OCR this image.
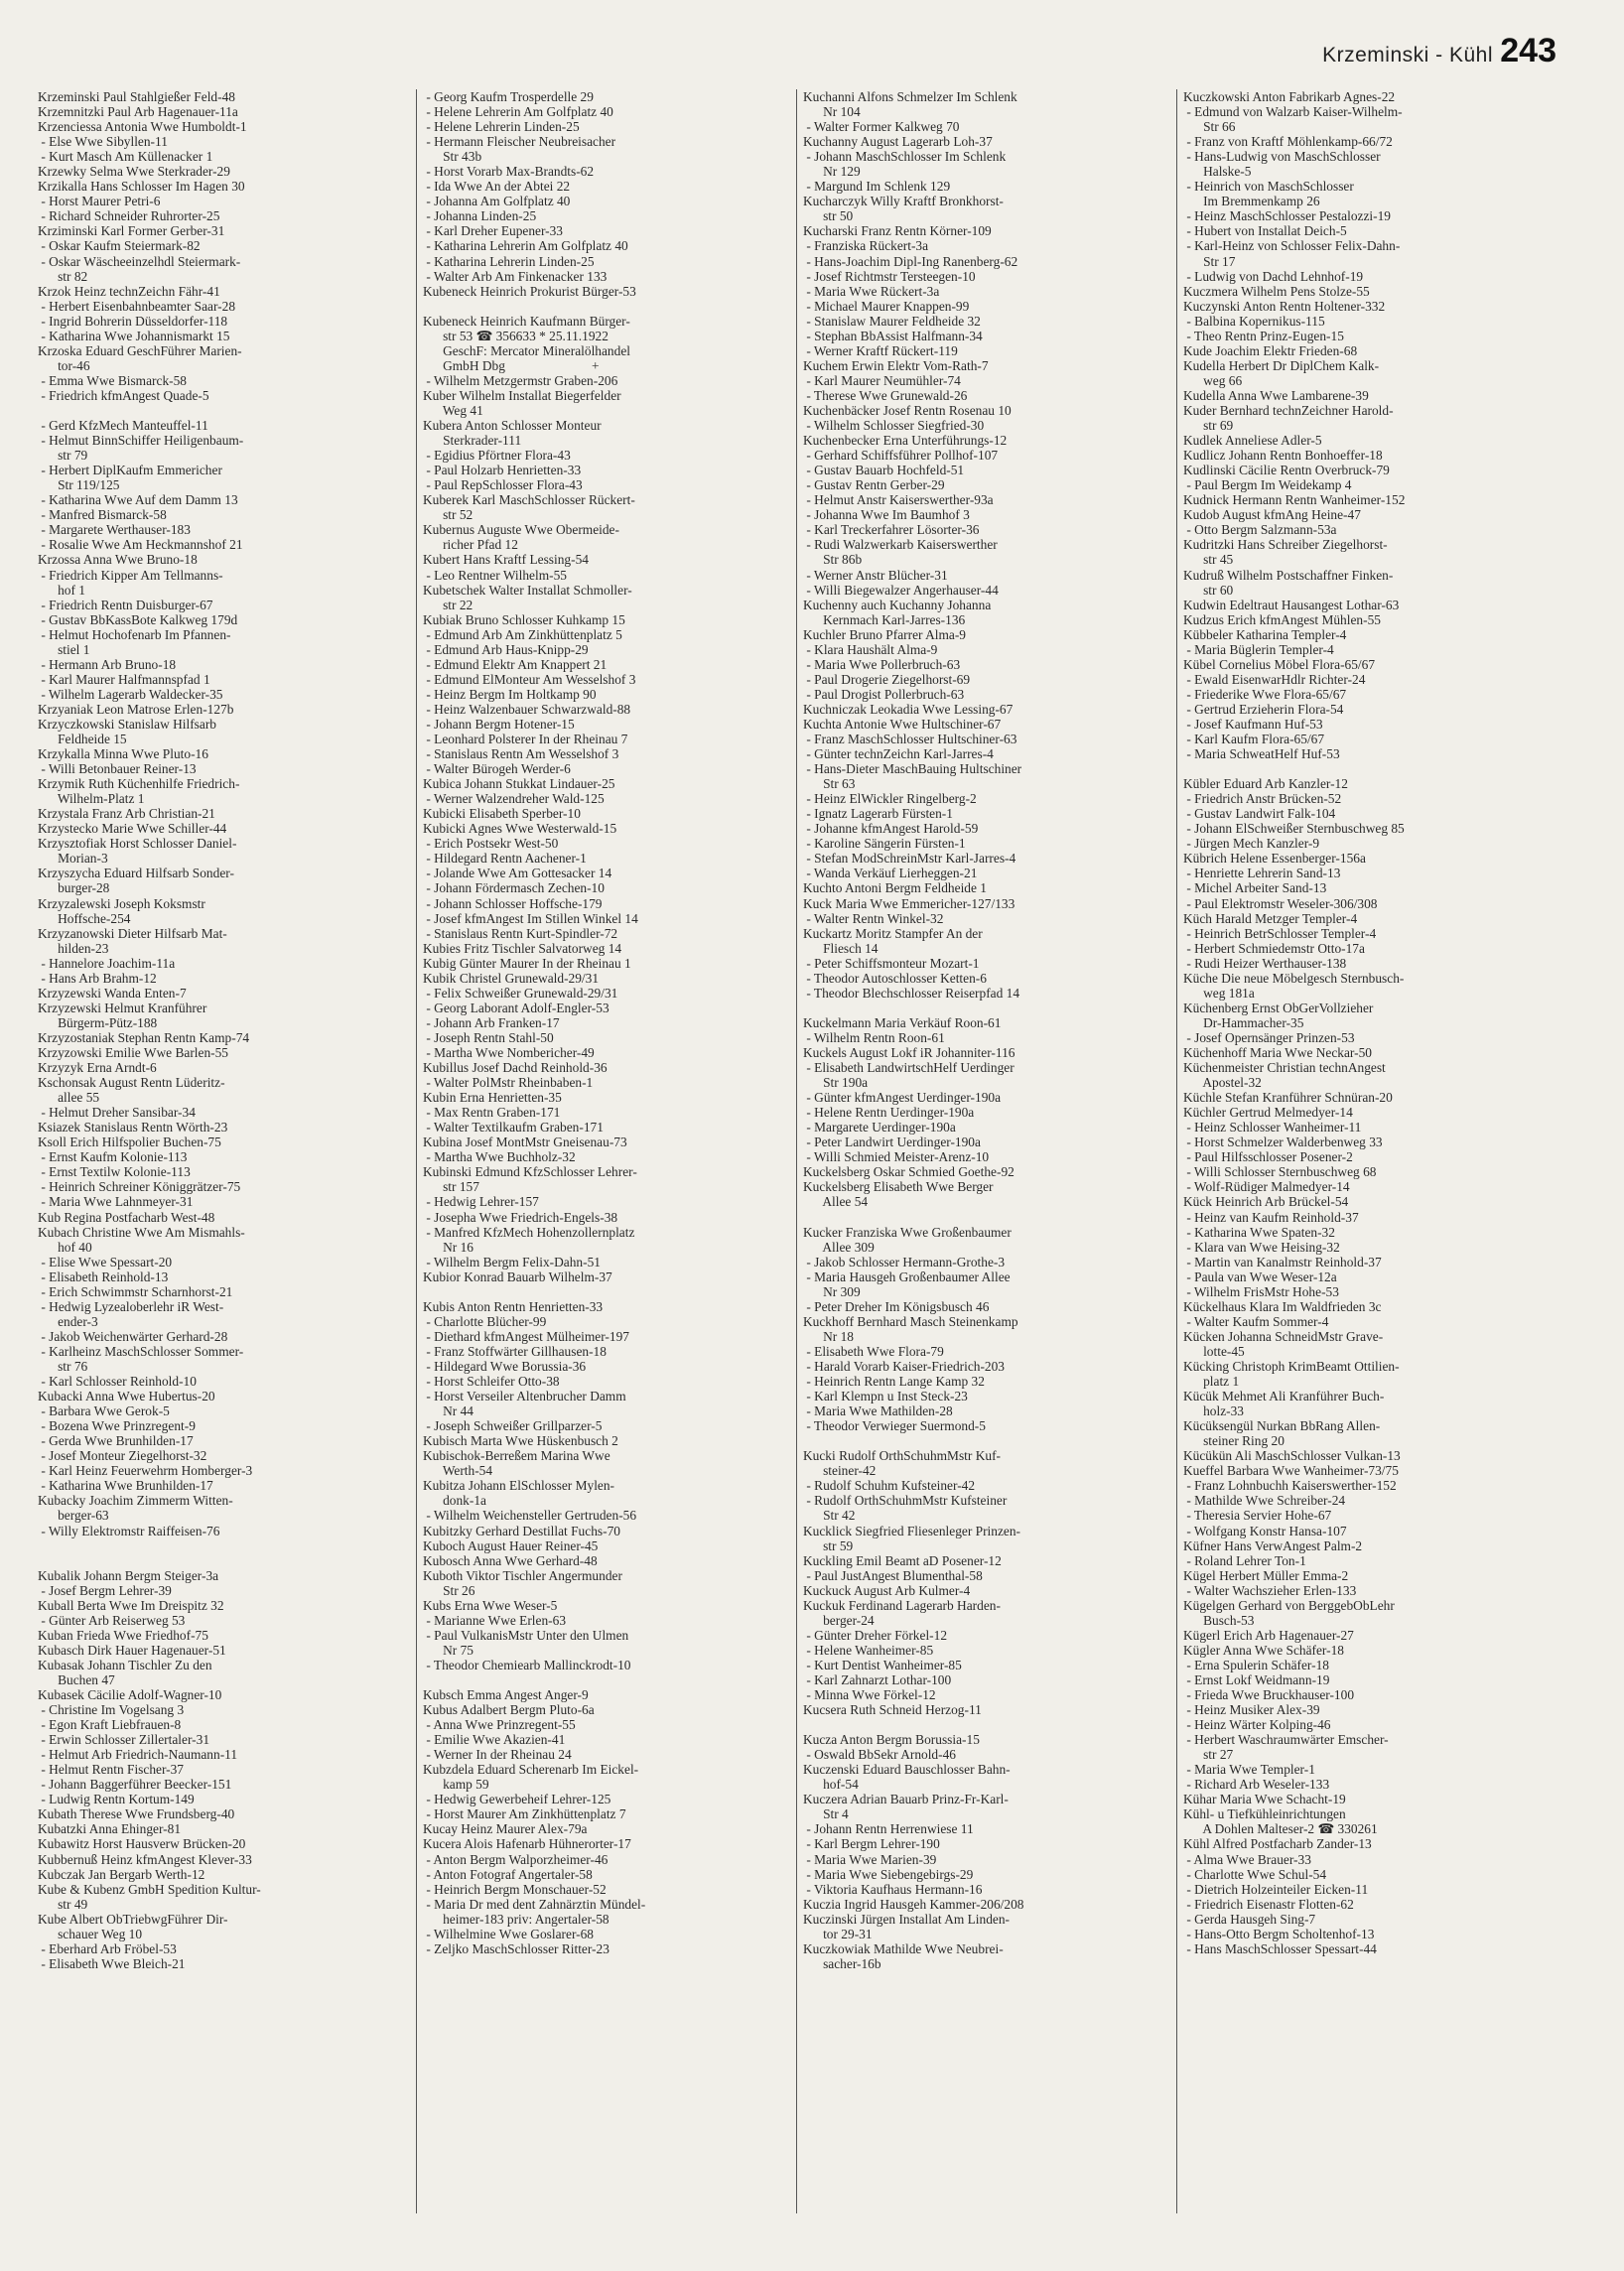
Krzeminski - Kühl 243
Krzeminski Paul Stahlgießer Feld-48
Krzemnitzki Paul Arb Hagenauer-11a
Krzenciessa Antonia Wwe Humboldt-1
- Else Wwe Sibyllen-11
- Kurt Masch Am Küllenacker 1
Krzewky Selma Wwe Sterkrader-29
Krzikalla Hans Schlosser Im Hagen 30
- Horst Maurer Petri-6
- Richard Schneider Ruhrorter-25
Krziminski Karl Former Gerber-31
- Oskar Kaufm Steiermark-82
- Oskar Wäscheeinzelhdl Steiermark-
str 82
Krzok Heinz technZeichn Fähr-41
- Herbert Eisenbahnbeamter Saar-28
- Ingrid Bohrerin Düsseldorfer-118
- Katharina Wwe Johannismarkt 15
Krzoska Eduard GeschFührer Marien-
tor-46
- Emma Wwe Bismarck-58
- Friedrich kfmAngest Quade-5

- Gerd KfzMech Manteuffel-11
- Helmut BinnSchiffer Heiligenbaum-
str 79
- Herbert DiplKaufm Emmericher
Str 119/125
- Katharina Wwe Auf dem Damm 13
- Manfred Bismarck-58
- Margarete Werthauser-183
- Rosalie Wwe Am Heckmannshof 21
Krzossa Anna Wwe Bruno-18
- Friedrich Kipper Am Tellmanns-
hof 1
- Friedrich Rentn Duisburger-67
- Gustav BbKassBote Kalkweg 179d
- Helmut Hochofenarb Im Pfannen-
stiel 1
- Hermann Arb Bruno-18
- Karl Maurer Halfmannspfad 1
- Wilhelm Lagerarb Waldecker-35
Krzyaniak Leon Matrose Erlen-127b
Krzyczkowski Stanislaw Hilfsarb
Feldheide 15
Krzykalla Minna Wwe Pluto-16
- Willi Betonbauer Reiner-13
Krzymik Ruth Küchenhilfe Friedrich-
Wilhelm-Platz 1
Krzystala Franz Arb Christian-21
Krzystecko Marie Wwe Schiller-44
Krzysztofiak Horst Schlosser Daniel-
Morian-3
Krzyszycha Eduard Hilfsarb Sonder-
burger-28
Krzyzalewski Joseph Koksmstr
Hoffsche-254
Krzyzanowski Dieter Hilfsarb Mat-
hilden-23
- Hannelore Joachim-11a
- Hans Arb Brahm-12
Krzyzewski Wanda Enten-7
Krzyzewski Helmut Kranführer
Bürgerm-Pütz-188
Krzyzostaniak Stephan Rentn Kamp-74
Krzyzowski Emilie Wwe Barlen-55
Krzyzyk Erna Arndt-6
Kschonsak August Rentn Lüderitz-
allee 55
- Helmut Dreher Sansibar-34
Ksiazek Stanislaus Rentn Wörth-23
Ksoll Erich Hilfspolier Buchen-75
- Ernst Kaufm Kolonie-113
- Ernst Textilw Kolonie-113
- Heinrich Schreiner Königgrätzer-75
- Maria Wwe Lahnmeyer-31
Kub Regina Postfacharb West-48
Kubach Christine Wwe Am Mismahls-
hof 40
- Elise Wwe Spessart-20
- Elisabeth Reinhold-13
- Erich Schwimmstr Scharnhorst-21
- Hedwig Lyzealoberlehr iR West-
ender-3
- Jakob Weichenwärter Gerhard-28
- Karlheinz MaschSchlosser Sommer-
str 76
- Karl Schlosser Reinhold-10
Kubacki Anna Wwe Hubertus-20
- Barbara Wwe Gerok-5
- Bozena Wwe Prinzregent-9
- Gerda Wwe Brunhilden-17
- Josef Monteur Ziegelhorst-32
- Karl Heinz Feuerwehrm Homberger-3
- Katharina Wwe Brunhilden-17
Kubacky Joachim Zimmerm Witten-
berger-63
- Willy Elektromstr Raiffeisen-76

Kubalik Johann Bergm Steiger-3a
- Josef Bergm Lehrer-39
Kuball Berta Wwe Im Dreispitz 32
- Günter Arb Reiserweg 53
Kuban Frieda Wwe Friedhof-75
Kubasch Dirk Hauer Hagenauer-51
Kubasak Johann Tischler Zu den
Buchen 47
Kubasek Cäcilie Adolf-Wagner-10
- Christine Im Vogelsang 3
- Egon Kraft Liebfrauen-8
- Erwin Schlosser Zillertaler-31
- Helmut Arb Friedrich-Naumann-11
- Helmut Rentn Fischer-37
- Johann Baggerführer Beecker-151
- Ludwig Rentn Kortum-149
Kubath Therese Wwe Frundsberg-40
Kubatzki Anna Ehinger-81
Kubawitz Horst Hausverw Brücken-20
Kubbernuß Heinz kfmAngest Klever-33
Kubczak Jan Bergarb Werth-12
Kube & Kubenz GmbH Spedition Kultur-
str 49
Kube Albert ObTriebwgFührer Dir-
schauer Weg 10
- Eberhard Arb Fröbel-53
- Elisabeth Wwe Bleich-21
- Georg Kaufm Trosperdelle 29
- Helene Lehrerin Am Golfplatz 40
- Helene Lehrerin Linden-25
- Hermann Fleischer Neubreisacher
Str 43b
- Horst Vorarb Max-Brandts-62
- Ida Wwe An der Abtei 22
- Johanna Am Golfplatz 40
- Johanna Linden-25
- Karl Dreher Eupener-33
- Katharina Lehrerin Am Golfplatz 40
- Katharina Lehrerin Linden-25
- Walter Arb Am Finkenacker 133
Kubeneck Heinrich Prokurist Bürger-53

Kubeneck Heinrich Kaufmann Bürger-
str 53 ☎ 356633 * 25.11.1922
GeschF: Mercator Mineralölhandel
GmbH Dbg                          +
- Wilhelm Metzgermstr Graben-206
Kuber Wilhelm Installat Biegerfelder
Weg 41
Kubera Anton Schlosser Monteur
Sterkrader-111
- Egidius Pförtner Flora-43
- Paul Holzarb Henrietten-33
- Paul RepSchlosser Flora-43
Kuberek Karl MaschSchlosser Rückert-
str 52
Kubernus Auguste Wwe Obermeide-
richer Pfad 12
Kubert Hans Kraftf Lessing-54
- Leo Rentner Wilhelm-55
Kubetschek Walter Installat Schmoller-
str 22
Kubiak Bruno Schlosser Kuhkamp 15
- Edmund Arb Am Zinkhüttenplatz 5
- Edmund Arb Haus-Knipp-29
- Edmund Elektr Am Knappert 21
- Edmund ElMonteur Am Wesselshof 3
- Heinz Bergm Im Holtkamp 90
- Heinz Walzenbauer Schwarzwald-88
- Johann Bergm Hotener-15
- Leonhard Polsterer In der Rheinau 7
- Stanislaus Rentn Am Wesselshof 3
- Walter Bürogeh Werder-6
Kubica Johann Stukkat Lindauer-25
- Werner Walzendreher Wald-125
Kubicki Elisabeth Sperber-10
Kubicki Agnes Wwe Westerwald-15
- Erich Postsekr West-50
- Hildegard Rentn Aachener-1
- Jolande Wwe Am Gottesacker 14
- Johann Fördermasch Zechen-10
- Johann Schlosser Hoffsche-179
- Josef kfmAngest Im Stillen Winkel 14
- Stanislaus Rentn Kurt-Spindler-72
Kubies Fritz Tischler Salvatorweg 14
Kubig Günter Maurer In der Rheinau 1
Kubik Christel Grunewald-29/31
- Felix Schweißer Grunewald-29/31
- Georg Laborant Adolf-Engler-53
- Johann Arb Franken-17
- Joseph Rentn Stahl-50
- Martha Wwe Nombericher-49
Kubillus Josef Dachd Reinhold-36
- Walter PolMstr Rheinbaben-1
Kubin Erna Henrietten-35
- Max Rentn Graben-171
- Walter Textilkaufm Graben-171
Kubina Josef MontMstr Gneisenau-73
- Martha Wwe Buchholz-32
Kubinski Edmund KfzSchlosser Lehrer-
str 157
- Hedwig Lehrer-157
- Josepha Wwe Friedrich-Engels-38
- Manfred KfzMech Hohenzollernplatz
Nr 16
- Wilhelm Bergm Felix-Dahn-51
Kubior Konrad Bauarb Wilhelm-37

Kubis Anton Rentn Henrietten-33
- Charlotte Blücher-99
- Diethard kfmAngest Mülheimer-197
- Franz Stoffwärter Gillhausen-18
- Hildegard Wwe Borussia-36
- Horst Schleifer Otto-38
- Horst Verseiler Altenbrucher Damm
Nr 44
- Joseph Schweißer Grillparzer-5
Kubisch Marta Wwe Hüskenbusch 2
Kubischok-Berreßem Marina Wwe
Werth-54
Kubitza Johann ElSchlosser Mylen-
donk-1a
- Wilhelm Weichensteller Gertruden-56
Kubitzky Gerhard Destillat Fuchs-70
Kuboch August Hauer Reiner-45
Kubosch Anna Wwe Gerhard-48
Kuboth Viktor Tischler Angermunder
Str 26
Kubs Erna Wwe Weser-5
- Marianne Wwe Erlen-63
- Paul VulkanisMstr Unter den Ulmen
Nr 75
- Theodor Chemiearb Mallinckrodt-10

Kubsch Emma Angest Anger-9
Kubus Adalbert Bergm Pluto-6a
- Anna Wwe Prinzregent-55
- Emilie Wwe Akazien-41
- Werner In der Rheinau 24
Kubzdela Eduard Scherenarb Im Eickel-
kamp 59
- Hedwig Gewerbeheif Lehrer-125
- Horst Maurer Am Zinkhüttenplatz 7
Kucay Heinz Maurer Alex-79a
Kucera Alois Hafenarb Hühnerorter-17
- Anton Bergm Walporzheimer-46
- Anton Fotograf Angertaler-58
- Heinrich Bergm Monschauer-52
- Maria Dr med dent Zahnärztin Mündel-
heimer-183 priv: Angertaler-58
- Wilhelmine Wwe Goslarer-68
- Zeljko MaschSchlosser Ritter-23
Kuchanni Alfons Schmelzer Im Schlenk
Nr 104
- Walter Former Kalkweg 70
Kuchanny August Lagerarb Loh-37
- Johann MaschSchlosser Im Schlenk
Nr 129
- Margund Im Schlenk 129
Kucharczyk Willy Kraftf Bronkhorst-
str 50
Kucharski Franz Rentn Körner-109
- Franziska Rückert-3a
- Hans-Joachim Dipl-Ing Ranenberg-62
- Josef Richtmstr Tersteegen-10
- Maria Wwe Rückert-3a
- Michael Maurer Knappen-99
- Stanislaw Maurer Feldheide 32
- Stephan BbAssist Halfmann-34
- Werner Kraftf Rückert-119
Kuchem Erwin Elektr Vom-Rath-7
- Karl Maurer Neumühler-74
- Therese Wwe Grunewald-26
Kuchenbäcker Josef Rentn Rosenau 10
- Wilhelm Schlosser Siegfried-30
Kuchenbecker Erna Unterführungs-12
- Gerhard Schiffsführer Pollhof-107
- Gustav Bauarb Hochfeld-51
- Gustav Rentn Gerber-29
- Helmut Anstr Kaiserswerther-93a
- Johanna Wwe Im Baumhof 3
- Karl Treckerfahrer Lösorter-36
- Rudi Walzwerkarb Kaiserswerther
Str 86b
- Werner Anstr Blücher-31
- Willi Biegewalzer Angerhauser-44
Kuchenny auch Kuchanny Johanna
Kernmach Karl-Jarres-136
Kuchler Bruno Pfarrer Alma-9
- Klara Haushält Alma-9
- Maria Wwe Pollerbruch-63
- Paul Drogerie Ziegelhorst-69
- Paul Drogist Pollerbruch-63
Kuchniczak Leokadia Wwe Lessing-67
Kuchta Antonie Wwe Hultschiner-67
- Franz MaschSchlosser Hultschiner-63
- Günter technZeichn Karl-Jarres-4
- Hans-Dieter MaschBauing Hultschiner
Str 63
- Heinz ElWickler Ringelberg-2
- Ignatz Lagerarb Fürsten-1
- Johanne kfmAngest Harold-59
- Karoline Sängerin Fürsten-1
- Stefan ModSchreinMstr Karl-Jarres-4
- Wanda Verkäuf Lierheggen-21
Kuchto Antoni Bergm Feldheide 1
Kuck Maria Wwe Emmericher-127/133
- Walter Rentn Winkel-32
Kuckartz Moritz Stampfer An der
Fliesch 14
- Peter Schiffsmonteur Mozart-1
- Theodor Autoschlosser Ketten-6
- Theodor Blechschlosser Reiserpfad 14

Kuckelmann Maria Verkäuf Roon-61
- Wilhelm Rentn Roon-61
Kuckels August Lokf iR Johanniter-116
- Elisabeth LandwirtschHelf Uerdinger
Str 190a
- Günter kfmAngest Uerdinger-190a
- Helene Rentn Uerdinger-190a
- Margarete Uerdinger-190a
- Peter Landwirt Uerdinger-190a
- Willi Schmied Meister-Arenz-10
Kuckelsberg Oskar Schmied Goethe-92
Kuckelsberg Elisabeth Wwe Berger
Allee 54

Kucker Franziska Wwe Großenbaumer
Allee 309
- Jakob Schlosser Hermann-Grothe-3
- Maria Hausgeh Großenbaumer Allee
Nr 309
- Peter Dreher Im Königsbusch 46
Kuckhoff Bernhard Masch Steinenkamp
Nr 18
- Elisabeth Wwe Flora-79
- Harald Vorarb Kaiser-Friedrich-203
- Heinrich Rentn Lange Kamp 32
- Karl Klempn u Inst Steck-23
- Maria Wwe Mathilden-28
- Theodor Verwieger Suermond-5

Kucki Rudolf OrthSchuhmMstr Kuf-
steiner-42
- Rudolf Schuhm Kufsteiner-42
- Rudolf OrthSchuhmMstr Kufsteiner
Str 42
Kucklick Siegfried Fliesenleger Prinzen-
str 59
Kuckling Emil Beamt aD Posener-12
- Paul JustAngest Blumenthal-58
Kuckuck August Arb Kulmer-4
Kuckuk Ferdinand Lagerarb Harden-
berger-24
- Günter Dreher Förkel-12
- Helene Wanheimer-85
- Kurt Dentist Wanheimer-85
- Karl Zahnarzt Lothar-100
- Minna Wwe Förkel-12
Kucsera Ruth Schneid Herzog-11

Kucza Anton Bergm Borussia-15
- Oswald BbSekr Arnold-46
Kuczenski Eduard Bauschlosser Bahn-
hof-54
Kuczera Adrian Bauarb Prinz-Fr-Karl-
Str 4
- Johann Rentn Herrenwiese 11
- Karl Bergm Lehrer-190
- Maria Wwe Marien-39
- Maria Wwe Siebengebirgs-29
- Viktoria Kaufhaus Hermann-16
Kuczia Ingrid Hausgeh Kammer-206/208
Kuczinski Jürgen Installat Am Linden-
tor 29-31
Kuczkowiak Mathilde Wwe Neubrei-
sacher-16b
Kuczkowski Anton Fabrikarb Agnes-22
- Edmund von Walzarb Kaiser-Wilhelm-
Str 66
- Franz von Kraftf Möhlenkamp-66/72
- Hans-Ludwig von MaschSchlosser
Halske-5
- Heinrich von MaschSchlosser
Im Bremmenkamp 26
- Heinz MaschSchlosser Pestalozzi-19
- Hubert von Installat Deich-5
- Karl-Heinz von Schlosser Felix-Dahn-
Str 17
- Ludwig von Dachd Lehnhof-19
Kuczmera Wilhelm Pens Stolze-55
Kuczynski Anton Rentn Holtener-332
- Balbina Kopernikus-115
- Theo Rentn Prinz-Eugen-15
Kude Joachim Elektr Frieden-68
Kudella Herbert Dr DiplChem Kalk-
weg 66
Kudella Anna Wwe Lambarene-39
Kuder Bernhard technZeichner Harold-
str 69
Kudlek Anneliese Adler-5
Kudlicz Johann Rentn Bonhoeffer-18
Kudlinski Cäcilie Rentn Overbruck-79
- Paul Bergm Im Weidekamp 4
Kudnick Hermann Rentn Wanheimer-152
Kudob August kfmAng Heine-47
- Otto Bergm Salzmann-53a
Kudritzki Hans Schreiber Ziegelhorst-
str 45
Kudruß Wilhelm Postschaffner Finken-
str 60
Kudwin Edeltraut Hausangest Lothar-63
Kudzus Erich kfmAngest Mühlen-55
Kübbeler Katharina Templer-4
- Maria Büglerin Templer-4
Kübel Cornelius Möbel Flora-65/67
- Ewald EisenwarHdlr Richter-24
- Friederike Wwe Flora-65/67
- Gertrud Erzieherin Flora-54
- Josef Kaufmann Huf-53
- Karl Kaufm Flora-65/67
- Maria SchweatHelf Huf-53

Kübler Eduard Arb Kanzler-12
- Friedrich Anstr Brücken-52
- Gustav Landwirt Falk-104
- Johann ElSchweißer Sternbuschweg 85
- Jürgen Mech Kanzler-9
Kübrich Helene Essenberger-156a
- Henriette Lehrerin Sand-13
- Michel Arbeiter Sand-13
- Paul Elektromstr Weseler-306/308
Küch Harald Metzger Templer-4
- Heinrich BetrSchlosser Templer-4
- Herbert Schmiedemstr Otto-17a
- Rudi Heizer Werthauser-138
Küche Die neue Möbelgesch Sternbusch-
weg 181a
Küchenberg Ernst ObGerVollzieher
Dr-Hammacher-35
- Josef Opernsänger Prinzen-53
Küchenhoff Maria Wwe Neckar-50
Küchenmeister Christian technAngest
Apostel-32
Küchle Stefan Kranführer Schnüran-20
Küchler Gertrud Melmedyer-14
- Heinz Schlosser Wanheimer-11
- Horst Schmelzer Walderbenweg 33
- Paul Hilfsschlosser Posener-2
- Willi Schlosser Sternbuschweg 68
- Wolf-Rüdiger Malmedyer-14
Kück Heinrich Arb Brückel-54
- Heinz van Kaufm Reinhold-37
- Katharina Wwe Spaten-32
- Klara van Wwe Heising-32
- Martin van Kanalmstr Reinhold-37
- Paula van Wwe Weser-12a
- Wilhelm FrisMstr Hohe-53
Kückelhaus Klara Im Waldfrieden 3c
- Walter Kaufm Sommer-4
Kücken Johanna SchneidMstr Grave-
lotte-45
Kücking Christoph KrimBeamt Ottilien-
platz 1
Kücük Mehmet Ali Kranführer Buch-
holz-33
Kücüksengül Nurkan BbRang Allen-
steiner Ring 20
Kücükün Ali MaschSchlosser Vulkan-13
Kueffel Barbara Wwe Wanheimer-73/75
- Franz Lohnbuchh Kaiserswerther-152
- Mathilde Wwe Schreiber-24
- Theresia Servier Hohe-67
- Wolfgang Konstr Hansa-107
Küfner Hans VerwAngest Palm-2
- Roland Lehrer Ton-1
Kügel Herbert Müller Emma-2
- Walter Wachszieher Erlen-133
Kügelgen Gerhard von BerggebObLehr
Busch-53
Kügerl Erich Arb Hagenauer-27
Kügler Anna Wwe Schäfer-18
- Erna Spulerin Schäfer-18
- Ernst Lokf Weidmann-19
- Frieda Wwe Bruckhauser-100
- Heinz Musiker Alex-39
- Heinz Wärter Kolping-46
- Herbert Waschraumwärter Emscher-
str 27
- Maria Wwe Templer-1
- Richard Arb Weseler-133
Kühar Maria Wwe Schacht-19
Kühl- u Tiefkühleinrichtungen
A Dohlen Malteser-2 ☎ 330261
Kühl Alfred Postfacharb Zander-13
- Alma Wwe Brauer-33
- Charlotte Wwe Schul-54
- Dietrich Holzeinteiler Eicken-11
- Friedrich Eisenastr Flotten-62
- Gerda Hausgeh Sing-7
- Hans-Otto Bergm Scholtenhof-13
- Hans MaschSchlosser Spessart-44
